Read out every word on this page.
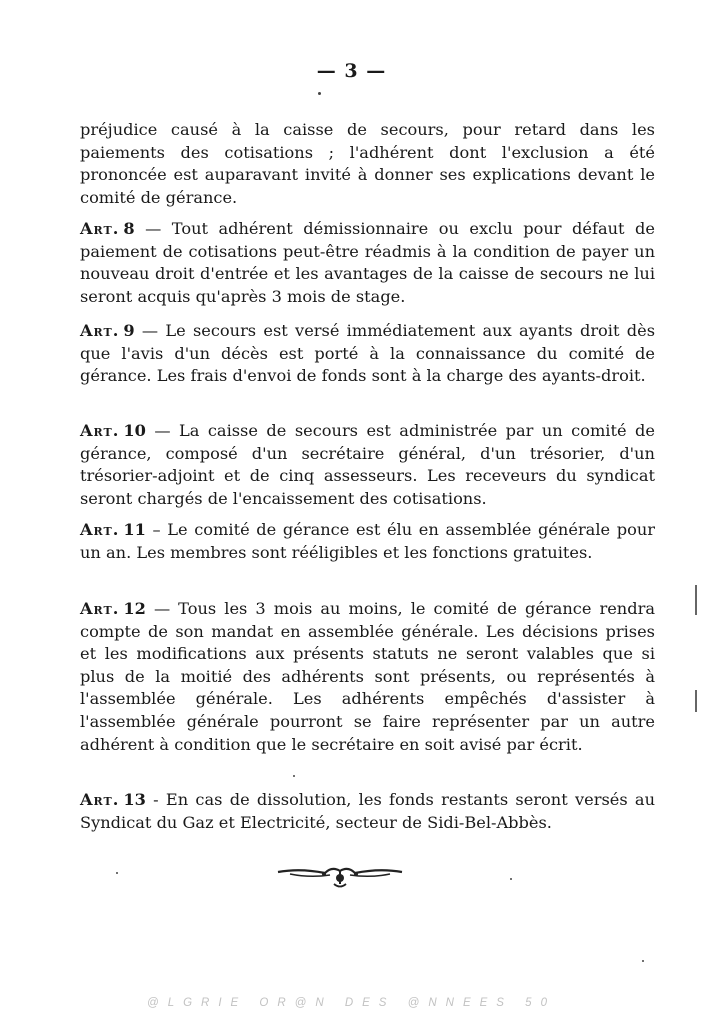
— 3 —

préjudice causé à la caisse de secours, pour retard dans les paiements des cotisations ; l'adhérent dont l'exclusion a été prononcée est auparavant invité à donner ses explications devant le comité de gérance.

Art. 8 — Tout adhérent démissionnaire ou exclu pour défaut de paiement de cotisations peut-être réadmis à la condition de payer un nouveau droit d'entrée et les avantages de la caisse de secours ne lui seront acquis qu'après 3 mois de stage.

Art. 9 — Le secours est versé immédiatement aux ayants droit dès que l'avis d'un décès est porté à la connaissance du comité de gérance. Les frais d'envoi de fonds sont à la charge des ayants-droit.

Art. 10 — La caisse de secours est administrée par un comité de gérance, composé d'un secrétaire général, d'un trésorier, d'un trésorier-adjoint et de cinq assesseurs. Les receveurs du syndicat seront chargés de l'encaissement des cotisations.

Art. 11 – Le comité de gérance est élu en assemblée générale pour un an. Les membres sont rééligibles et les fonctions gratuites.

Art. 12 — Tous les 3 mois au moins, le comité de gérance rendra compte de son mandat en assemblée générale. Les décisions prises et les modifications aux présents statuts ne seront valables que si plus de la moitié des adhérents sont présents, ou représentés à l'assemblée générale. Les adhérents empêchés d'assister à l'assemblée générale pourront se faire représenter par un autre adhérent à condition que le secrétaire en soit avisé par écrit.

Art. 13 - En cas de dissolution, les fonds restants seront versés au Syndicat du Gaz et Electricité, secteur de Sidi-Bel-Abbès.

@LGRIE OR@N DES @NNEES 50
